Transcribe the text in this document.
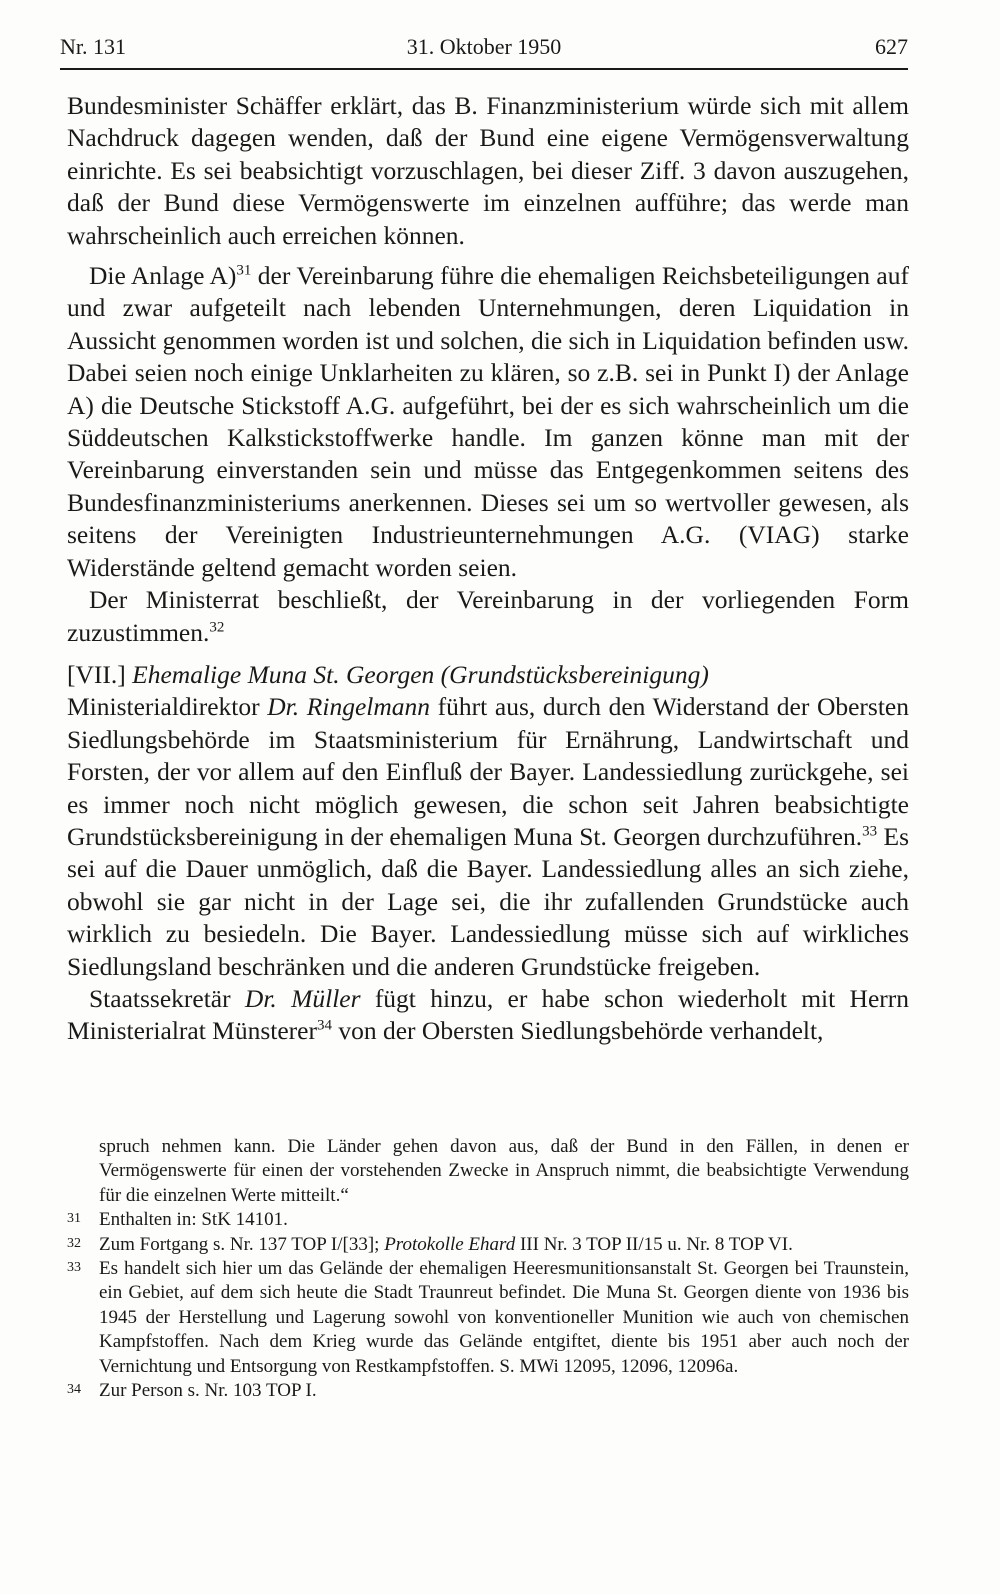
Nr. 131	31. Oktober 1950	627

Bundesminister Schäffer erklärt, das B. Finanzministerium würde sich mit allem Nachdruck dagegen wenden, daß der Bund eine eigene Vermögensverwaltung einrichte. Es sei beabsichtigt vorzuschlagen, bei dieser Ziff. 3 davon auszugehen, daß der Bund diese Vermögenswerte im einzelnen aufführe; das werde man wahrscheinlich auch erreichen können.

Die Anlage A)$^{31}$ der Vereinbarung führe die ehemaligen Reichsbeteiligungen auf und zwar aufgeteilt nach lebenden Unternehmungen, deren Liquidation in Aussicht genommen worden ist und solchen, die sich in Liquidation befinden usw. Dabei seien noch einige Unklarheiten zu klären, so z.B. sei in Punkt I) der Anlage A) die Deutsche Stickstoff A.G. aufgeführt, bei der es sich wahrscheinlich um die Süddeutschen Kalkstickstoffwerke handle. Im ganzen könne man mit der Vereinbarung einverstanden sein und müsse das Entgegenkommen seitens des Bundesfinanzministeriums anerkennen. Dieses sei um so wertvoller gewesen, als seitens der Vereinigten Industrieunternehmungen A.G. (VIAG) starke Widerstände geltend gemacht worden seien.

Der Ministerrat beschließt, der Vereinbarung in der vorliegenden Form zuzustimmen.$^{32}$

[VII.] Ehemalige Muna St. Georgen (Grundstücksbereinigung)

Ministerialdirektor Dr. Ringelmann führt aus, durch den Widerstand der Obersten Siedlungsbehörde im Staatsministerium für Ernährung, Landwirtschaft und Forsten, der vor allem auf den Einfluß der Bayer. Landessiedlung zurückgehe, sei es immer noch nicht möglich gewesen, die schon seit Jahren beabsichtigte Grundstücksbereinigung in der ehemaligen Muna St. Georgen durchzuführen.$^{33}$ Es sei auf die Dauer unmöglich, daß die Bayer. Landessiedlung alles an sich ziehe, obwohl sie gar nicht in der Lage sei, die ihr zufallenden Grundstücke auch wirklich zu besiedeln. Die Bayer. Landessiedlung müsse sich auf wirkliches Siedlungsland beschränken und die anderen Grundstücke freigeben.

Staatssekretär Dr. Müller fügt hinzu, er habe schon wiederholt mit Herrn Ministerialrat Münsterer$^{34}$ von der Obersten Siedlungsbehörde verhandelt,

spruch nehmen kann. Die Länder gehen davon aus, daß der Bund in den Fällen, in denen er Vermögenswerte für einen der vorstehenden Zwecke in Anspruch nimmt, die beabsichtigte Verwendung für die einzelnen Werte mitteilt.“

31 Enthalten in: StK 14101.

32 Zum Fortgang s. Nr. 137 TOP I/[33]; Protokolle Ehard III Nr. 3 TOP II/15 u. Nr. 8 TOP VI.

33 Es handelt sich hier um das Gelände der ehemaligen Heeresmunitionsanstalt St. Georgen bei Traunstein, ein Gebiet, auf dem sich heute die Stadt Traunreut befindet. Die Muna St. Georgen diente von 1936 bis 1945 der Herstellung und Lagerung sowohl von konventioneller Munition wie auch von chemischen Kampfstoffen. Nach dem Krieg wurde das Gelände entgiftet, diente bis 1951 aber auch noch der Vernichtung und Entsorgung von Restkampfstoffen. S. MWi 12095, 12096, 12096a.

34 Zur Person s. Nr. 103 TOP I.
